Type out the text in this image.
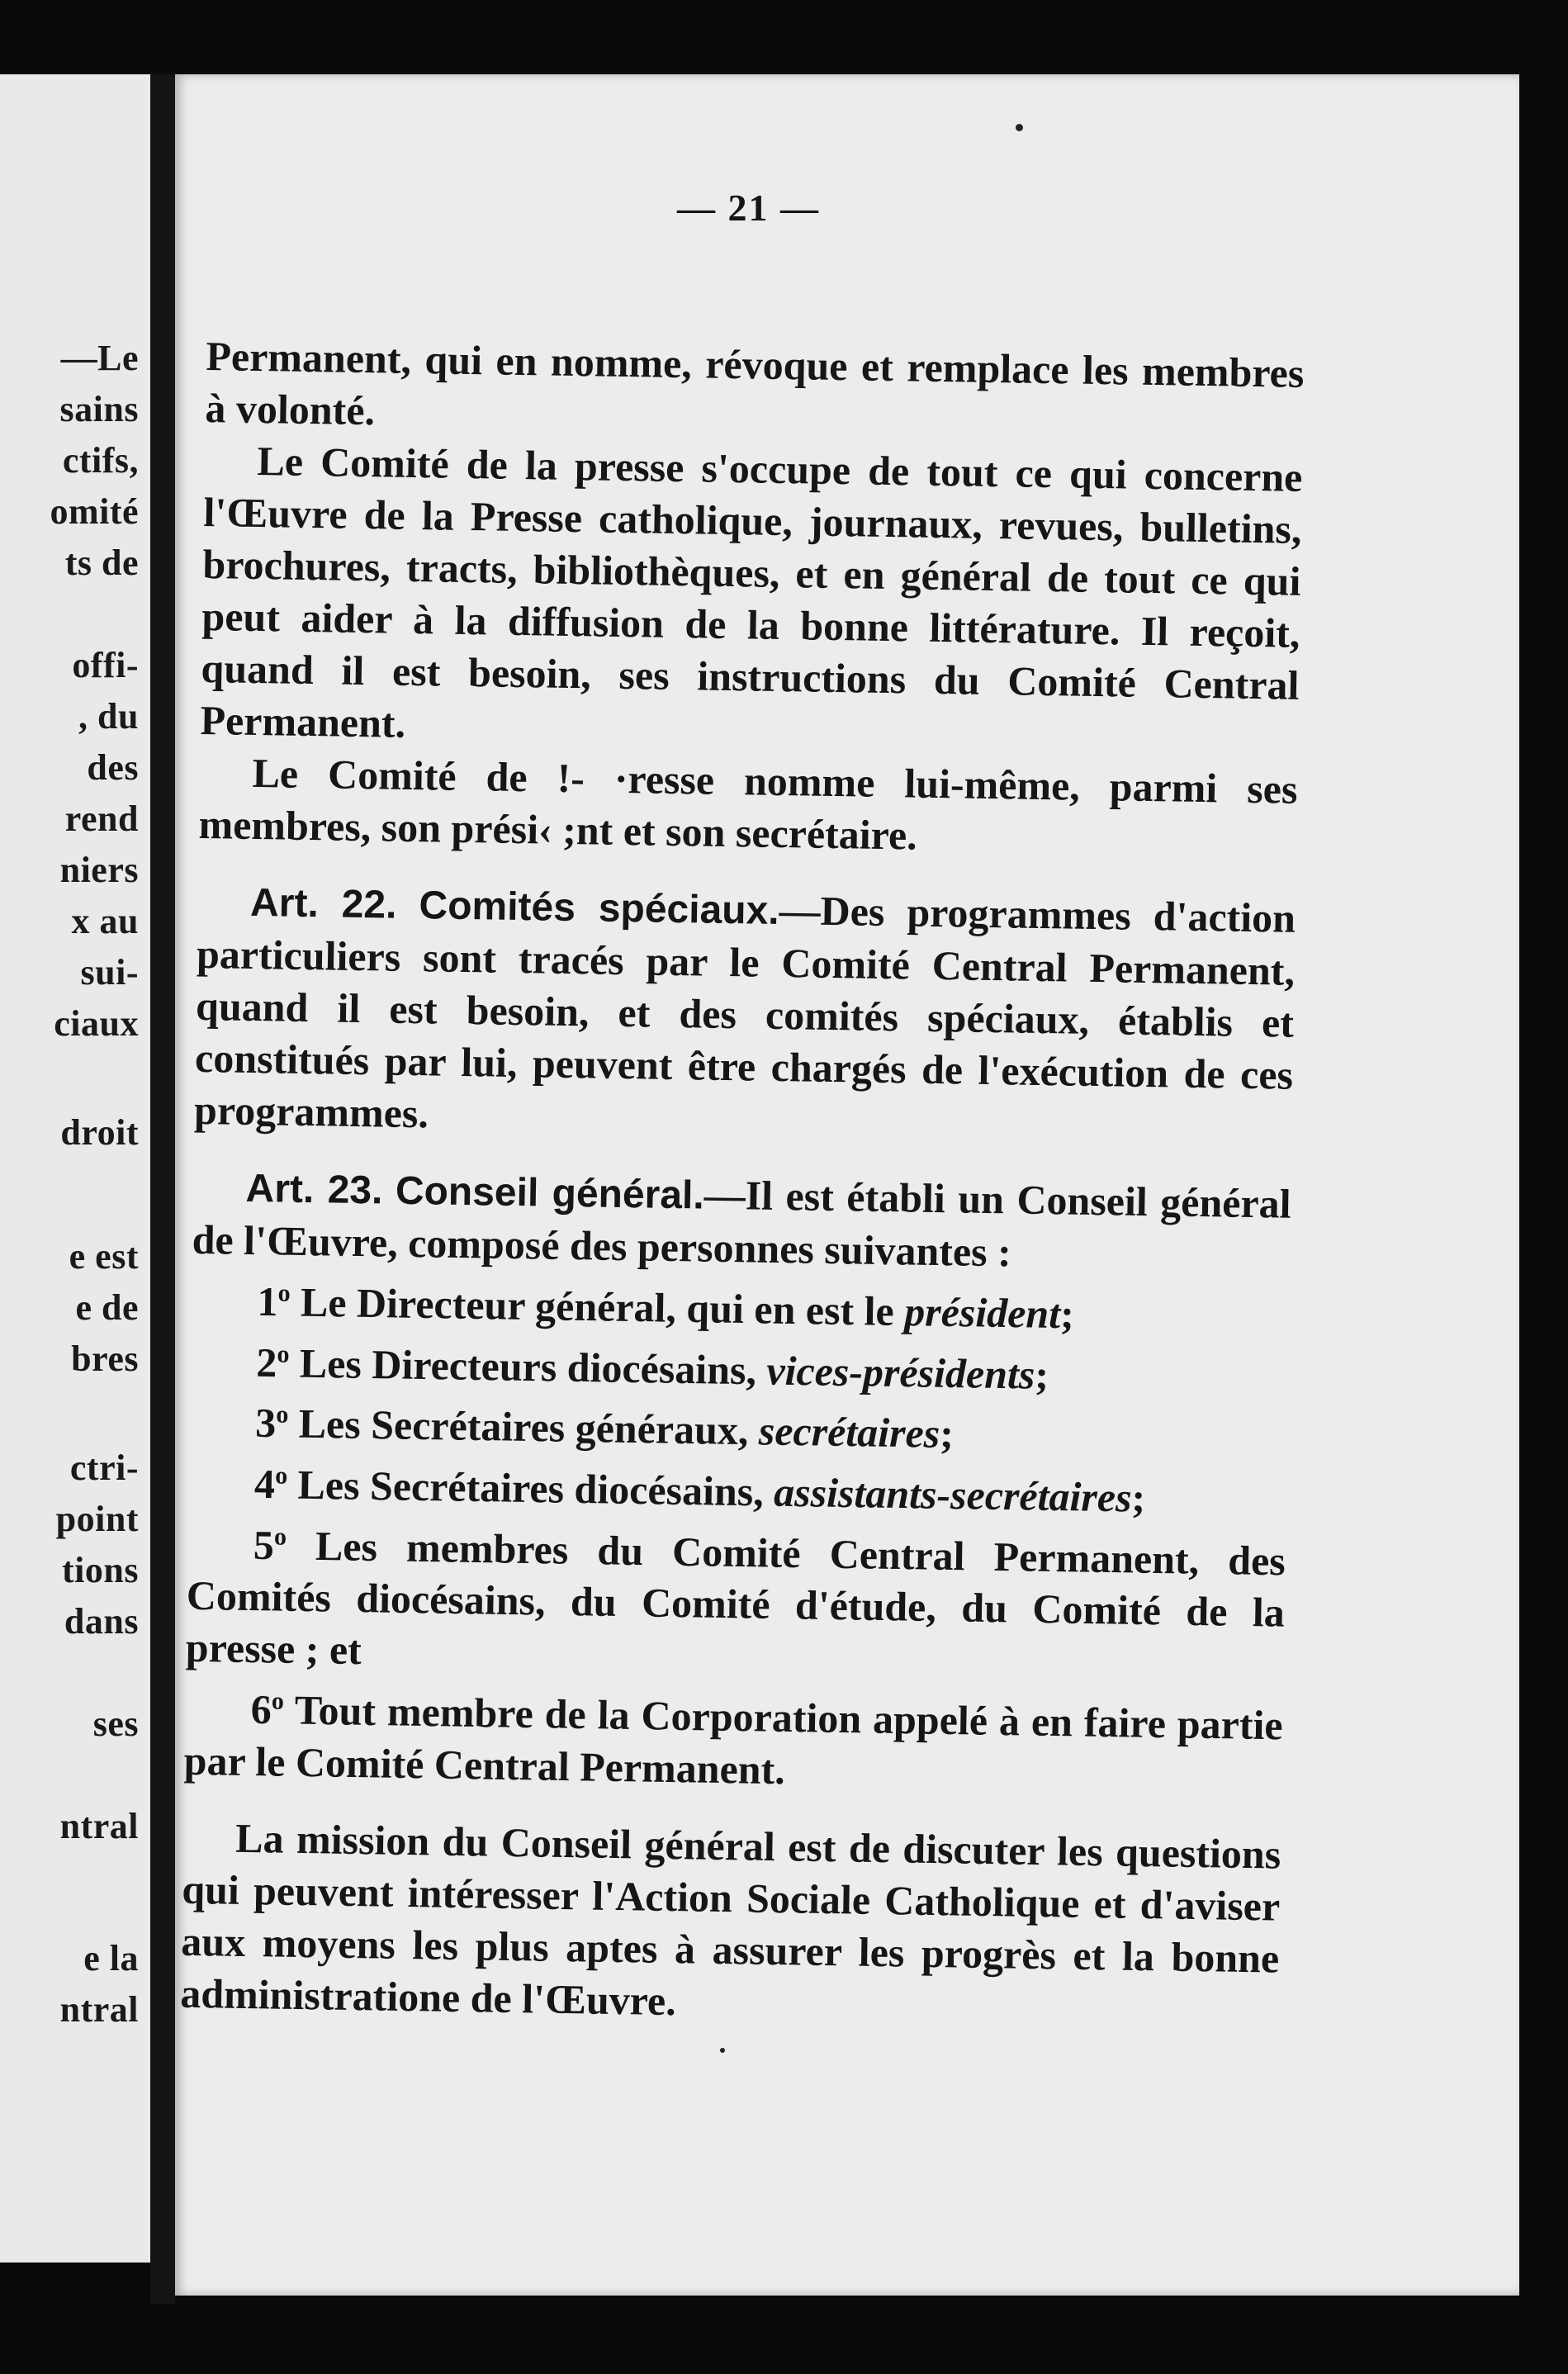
—Le
sains
ctifs,
omité
ts de
offi-
, du
des
rend
niers
x au
sui-
ciaux
droit
e est
e de
bres
ctri-
point
tions
dans
ses
ntral
e la
ntral
— 21 —

Permanent, qui en nomme, révoque et remplace les membres à volonté.

Le Comité de la presse s'occupe de tout ce qui concerne l'Œuvre de la Presse catholique, journaux, revues, bulletins, brochures, tracts, bibliothèques, et en général de tout ce qui peut aider à la diffusion de la bonne littérature. Il reçoit, quand il est besoin, ses instructions du Comité Central Permanent.

Le Comité de !- ·resse nomme lui-même, parmi ses membres, son prési‹ ;nt et son secrétaire.

Art. 22. Comités spéciaux.—Des programmes d'action particuliers sont tracés par le Comité Central Permanent, quand il est besoin, et des comités spéciaux, établis et constitués par lui, peuvent être chargés de l'exécution de ces programmes.

Art. 23. Conseil général.—Il est établi un Conseil général de l'Œuvre, composé des personnes suivantes :

1$^o$ Le Directeur général, qui en est le président;

2$^o$ Les Directeurs diocésains, vices-présidents;

3$^o$ Les Secrétaires généraux, secrétaires;

4$^o$ Les Secrétaires diocésains, assistants-secrétaires;

5$^o$ Les membres du Comité Central Permanent, des Comités diocésains, du Comité d'étude, du Comité de la presse ; et

6$^o$ Tout membre de la Corporation appelé à en faire partie par le Comité Central Permanent.

La mission du Conseil général est de discuter les questions qui peuvent intéresser l'Action Sociale Catholique et d'aviser aux moyens les plus aptes à assurer les progrès et la bonne administratione de l'Œuvre.
